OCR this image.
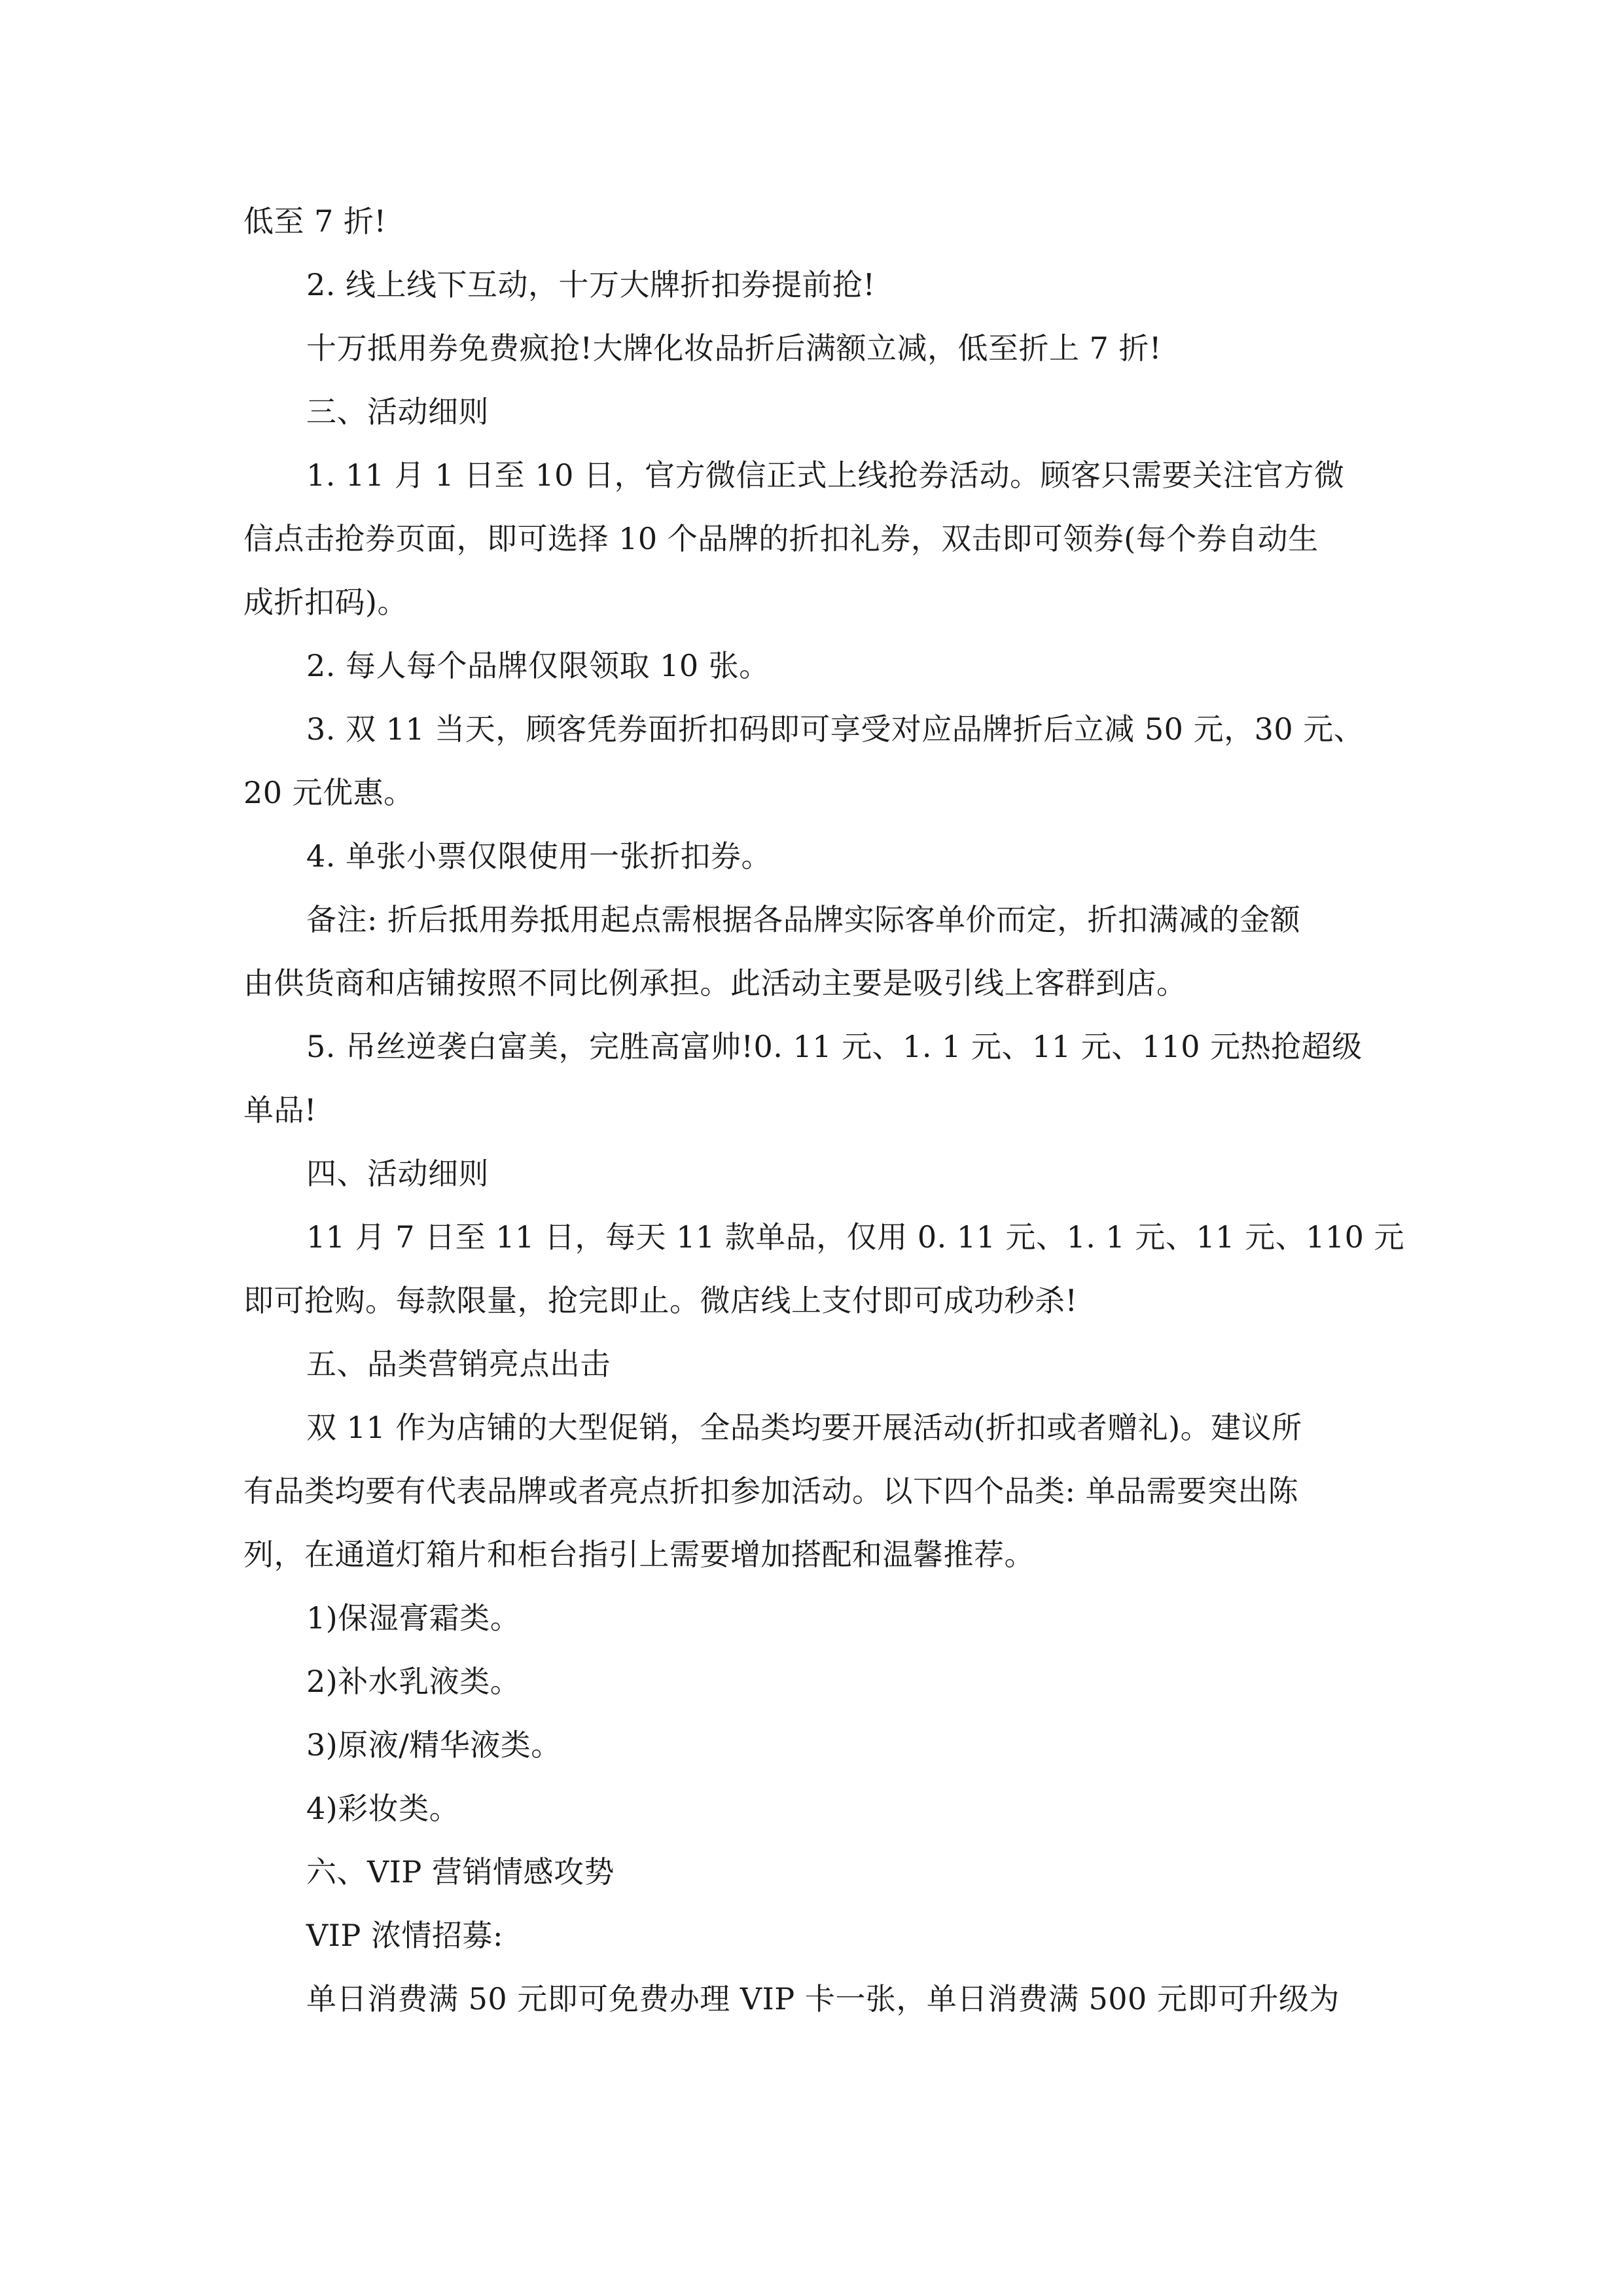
低至 7 折!
2. 线上线下互动，十万大牌折扣券提前抢!
十万抵用券免费疯抢!大牌化妆品折后满额立减，低至折上 7 折!
三、活动细则
1. 11 月 1 日至 10 日，官方微信正式上线抢券活动。顾客只需要关注官方微
信点击抢券页面，即可选择 10 个品牌的折扣礼券，双击即可领券(每个券自动生
成折扣码)。
2. 每人每个品牌仅限领取 10 张。
3. 双 11 当天，顾客凭券面折扣码即可享受对应品牌折后立减 50 元，30 元、
20 元优惠。
4. 单张小票仅限使用一张折扣券。
备注: 折后抵用券抵用起点需根据各品牌实际客单价而定，折扣满减的金额
由供货商和店铺按照不同比例承担。此活动主要是吸引线上客群到店。
5. 吊丝逆袭白富美，完胜高富帅!0. 11 元、1. 1 元、11 元、110 元热抢超级
单品!
四、活动细则
11 月 7 日至 11 日，每天 11 款单品，仅用 0. 11 元、1. 1 元、11 元、110 元
即可抢购。每款限量，抢完即止。微店线上支付即可成功秒杀!
五、品类营销亮点出击
双 11 作为店铺的大型促销，全品类均要开展活动(折扣或者赠礼)。建议所
有品类均要有代表品牌或者亮点折扣参加活动。以下四个品类: 单品需要突出陈
列，在通道灯箱片和柜台指引上需要增加搭配和温馨推荐。
1)保湿膏霜类。
2)补水乳液类。
3)原液/精华液类。
4)彩妆类。
六、VIP 营销情感攻势
VIP 浓情招募:
单日消费满 50 元即可免费办理 VIP 卡一张，单日消费满 500 元即可升级为
